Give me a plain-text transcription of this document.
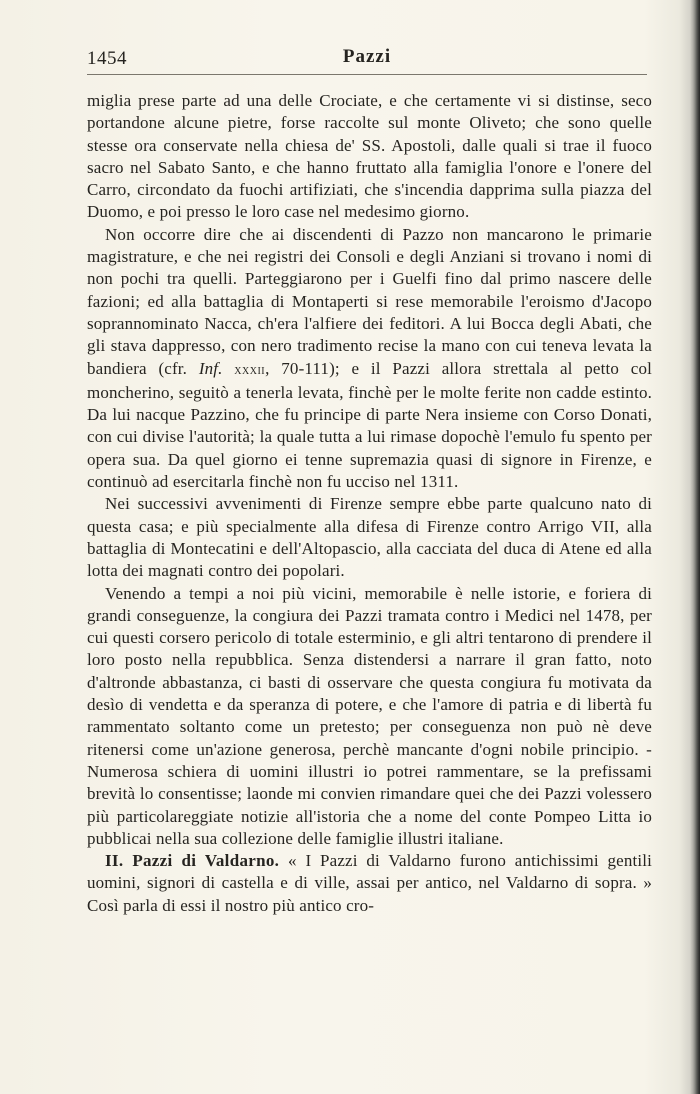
1454	Pazzi

miglia prese parte ad una delle Crociate, e che certamente vi si distinse, seco portandone alcune pietre, forse raccolte sul monte Oliveto; che sono quelle stesse ora conservate nella chiesa de' SS. Apostoli, dalle quali si trae il fuoco sacro nel Sabato Santo, e che hanno fruttato alla famiglia l'onore e l'onere del Carro, circondato da fuochi artifiziati, che s'incendia dapprima sulla piazza del Duomo, e poi presso le loro case nel medesimo giorno.

Non occorre dire che ai discendenti di Pazzo non mancarono le primarie magistrature, e che nei registri dei Consoli e degli Anziani si trovano i nomi di non pochi tra quelli. Parteggiarono per i Guelfi fino dal primo nascere delle fazioni; ed alla battaglia di Montaperti si rese memorabile l'eroismo d'Jacopo soprannominato Nacca, ch'era l'alfiere dei feditori. A lui Bocca degli Abati, che gli stava dappresso, con nero tradimento recise la mano con cui teneva levata la bandiera (cfr. Inf. xxxii, 70-111); e il Pazzi allora strettala al petto col moncherino, seguitò a tenerla levata, finchè per le molte ferite non cadde estinto. Da lui nacque Pazzino, che fu principe di parte Nera insieme con Corso Donati, con cui divise l'autorità; la quale tutta a lui rimase dopochè l'emulo fu spento per opera sua. Da quel giorno ei tenne supremazia quasi di signore in Firenze, e continuò ad esercitarla finchè non fu ucciso nel 1311.

Nei successivi avvenimenti di Firenze sempre ebbe parte qualcuno nato di questa casa; e più specialmente alla difesa di Firenze contro Arrigo VII, alla battaglia di Montecatini e dell'Altopascio, alla cacciata del duca di Atene ed alla lotta dei magnati contro dei popolari.

Venendo a tempi a noi più vicini, memorabile è nelle istorie, e foriera di grandi conseguenze, la congiura dei Pazzi tramata contro i Medici nel 1478, per cui questi corsero pericolo di totale esterminio, e gli altri tentarono di prendere il loro posto nella repubblica. Senza distendersi a narrare il gran fatto, noto d'altronde abbastanza, ci basti di osservare che questa congiura fu motivata da desìo di vendetta e da speranza di potere, e che l'amore di patria e di libertà fu rammentato soltanto come un pretesto; per conseguenza non può nè deve ritenersi come un'azione generosa, perchè mancante d'ogni nobile principio. - Numerosa schiera di uomini illustri io potrei rammentare, se la prefissami brevità lo consentisse; laonde mi convien rimandare quei che dei Pazzi volessero più particolareggiate notizie all'istoria che a nome del conte Pompeo Litta io pubblicai nella sua collezione delle famiglie illustri italiane.

II. Pazzi di Valdarno. « I Pazzi di Valdarno furono antichissimi gentili uomini, signori di castella e di ville, assai per antico, nel Valdarno di sopra. » Così parla di essi il nostro più antico cro-
